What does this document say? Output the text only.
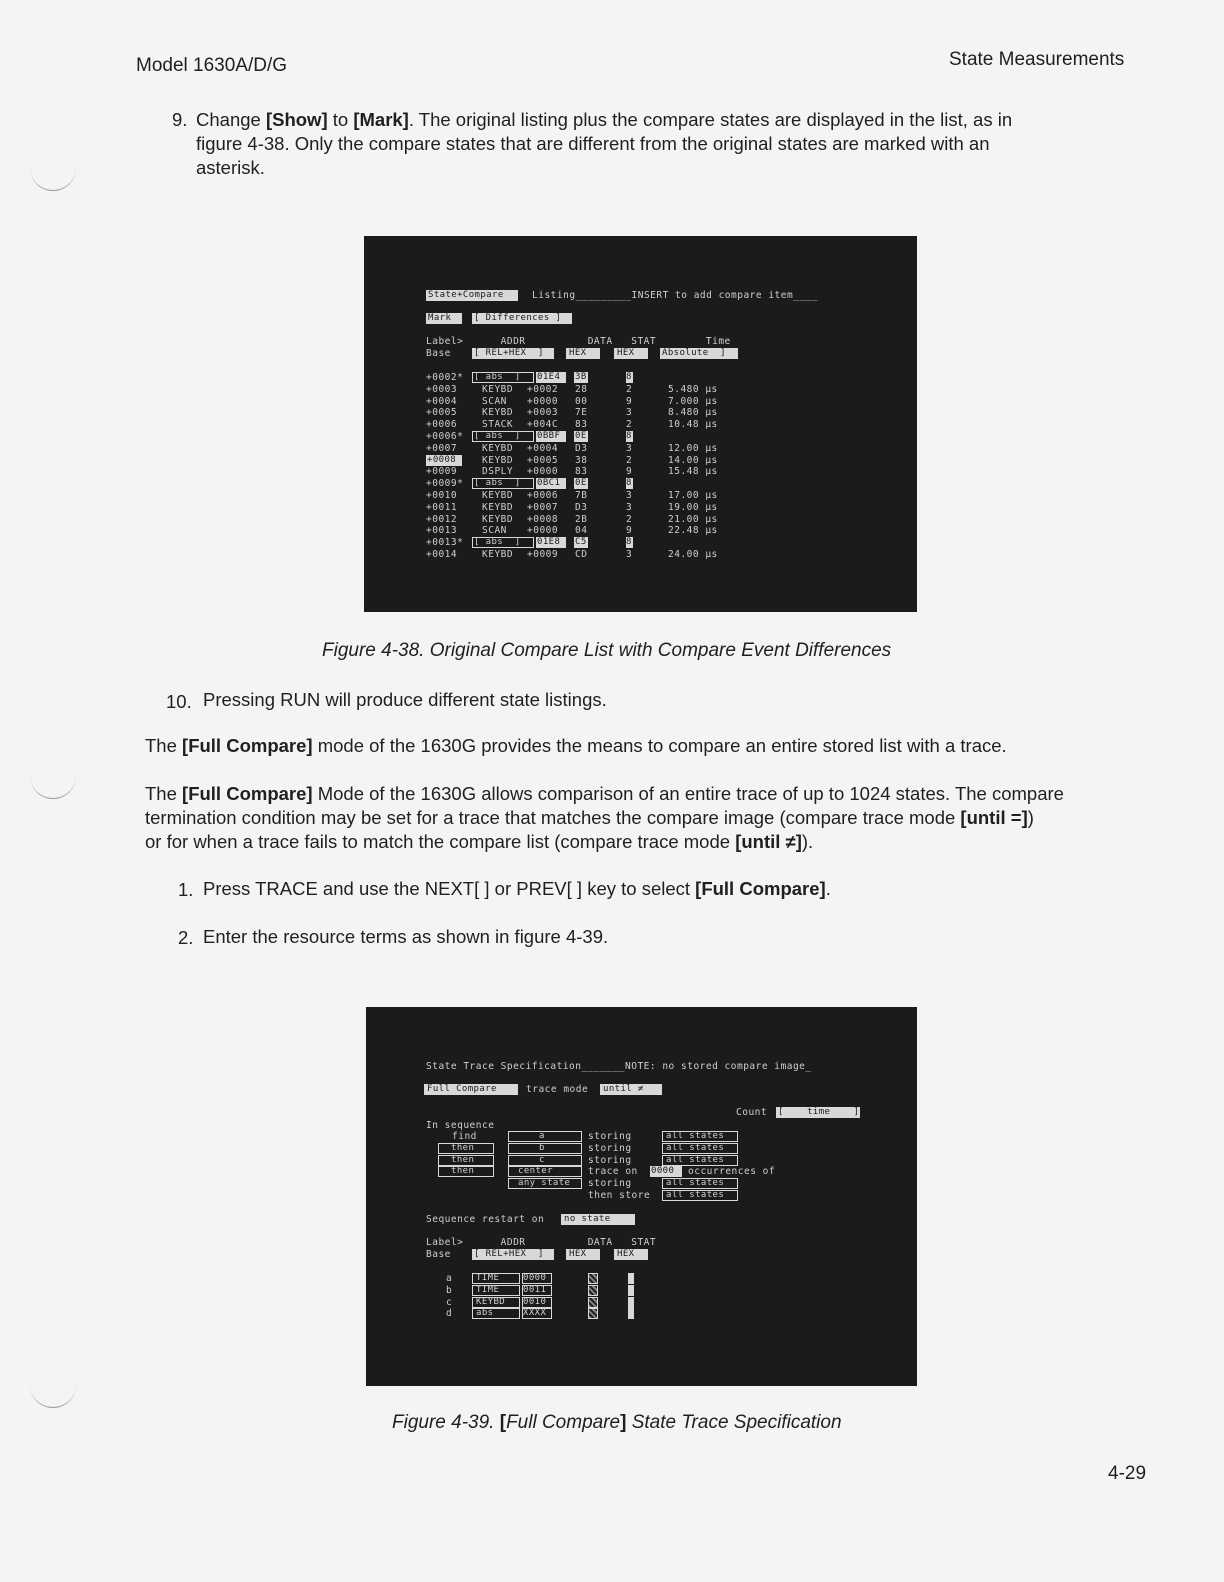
Model 1630A/D/G	State Measurements
9. Change [Show] to [Mark]. The original listing plus the compare states are displayed in the list, as in
figure 4-38. Only the compare states that are different from the original states are marked with an
asterisk.
State+Compare	Listing_________INSERT to add compare item____
Mark	[ Differences ]
Label>      ADDR          DATA   STAT        Time
Base	[ REL+HEX  ]	HEX	HEX	Absolute  ]
+0002* [ abs  ] 01E4 3B	8
+0003	KEYBD +0002 28	2	5.480 µs
+0004	SCAN +0000 00	9	7.000 µs
+0005	KEYBD +0003 7E	3	8.480 µs
+0006	STACK +004C 83	2	10.48 µs
+0006* [ abs  ] 0BBF 0E	8
+0007	KEYBD +0004 D3	3	12.00 µs
+0008	KEYBD +0005 38	2	14.00 µs
+0009	DSPLY +0000 83	9	15.48 µs
+0009* [ abs  ] 0BC1 0E	8
+0010	KEYBD +0006 7B	3	17.00 µs
+0011	KEYBD +0007 D3	3	19.00 µs
+0012	KEYBD +0008 2B	2	21.00 µs
+0013	SCAN +0000 04	9	22.48 µs
+0013* [ abs  ] 01E8 C5	8
+0014	KEYBD +0009 CD	3	24.00 µs
Figure 4-38. Original Compare List with Compare Event Differences
10. Pressing RUN will produce different state listings.
The [Full Compare] mode of the 1630G provides the means to compare an entire stored list with a trace.
The [Full Compare] Mode of the 1630G allows comparison of an entire trace of up to 1024 states. The compare
termination condition may be set for a trace that matches the compare image (compare trace mode [until =])
or for when a trace fails to match the compare list (compare trace mode [until ≠]).
1. Press TRACE and use the NEXT[ ] or PREV[ ] key to select [Full Compare].
2. Enter the resource terms as shown in figure 4-39.
State Trace Specification_______NOTE: no stored compare image_
Full Compare	trace mode until ≠
Count [    time    ]
In sequence
find	a	storing	all states
then	b	storing	all states
then	c	storing	all states
then	center	trace on 0000 occurrences of
any state storing	all states
then store all states
Sequence restart on no state
Label>      ADDR          DATA   STAT
Base	[ REL+HEX  ]	HEX	HEX
a	TIME	0000
b	TIME	0011
c	KEYBD 0010
d	abs	XXXX
Figure 4-39. [Full Compare] State Trace Specification
4-29
